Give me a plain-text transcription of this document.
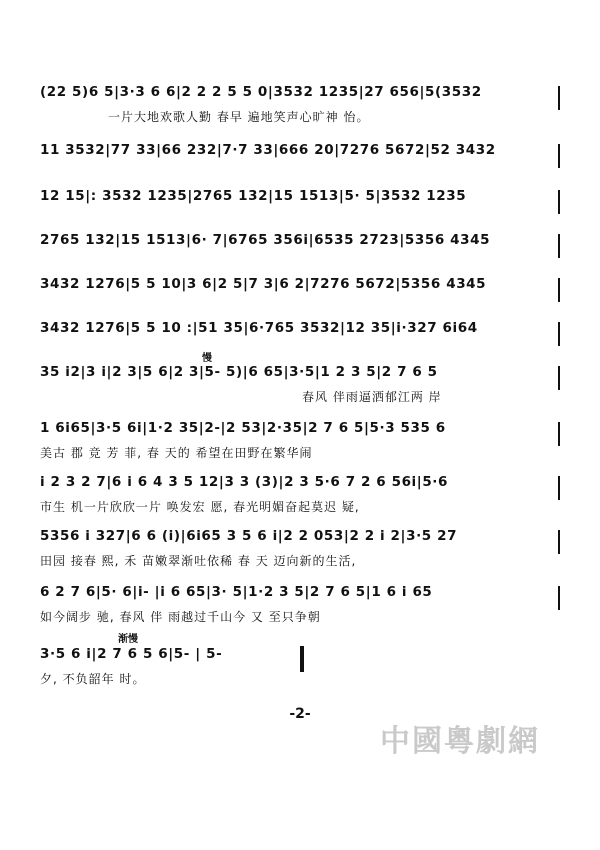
(22 5)6 5|3·3 6 6|2 2 2 5 5 0|3532 1235|27 656|5(3532
一片大地欢歌人勤 春早 遍地笑声心旷神 怡。
11 3532|77 33|66 232|7·7 33|666 20|7276 5672|52 3432
12 15|: 3532 1235|2765 132|15 1513|5· 5|3532 1235
2765 132|15 1513|6· 7|6765 356i|6535 2723|5356 4345
3432 1276|5 5 10|3 6|2 5|7 3|6 2|7276 5672|5356 4345
3432 1276|5 5 10 :|51 35|6·765 3532|12 35|i·327 6i64
慢
35 i2|3 i|2 3|5 6|2 3|5- 5)|6 65|3·5|1 2 3 5|2 7 6 5
春风 伴雨逼洒郁江两 岸
1 6i65|3·5 6i|1·2 35|2-|2 53|2·35|2 7 6 5|5·3 535 6
美古 郡 竞 芳 菲, 春 天的 希望在田野在繁华闹
i 2 3 2 7|6 i 6 4 3 5 12|3 3 (3)|2 3 5·6 7 2 6 56i|5·6
市生 机一片欣欣一片 唤发宏 愿, 春光明媚奋起莫迟 疑,
5356 i 327|6 6 (i)|6i65 3 5 6 i|2 2 053|2 2 i 2|3·5 27
田园 接春 熙, 禾 苗嫩翠渐吐依稀 春 天 迈向新的生活,
6 2 7 6|5· 6|i- |i 6 65|3· 5|1·2 3 5|2 7 6 5|1 6 i 65
如今阔步 驰, 春风 伴 雨越过千山今 又 至只争朝
渐慢
3·5 6 i|2 7 6 5 6|5- | 5-
夕, 不负韶年 时。
-2-
中國粵劇網
